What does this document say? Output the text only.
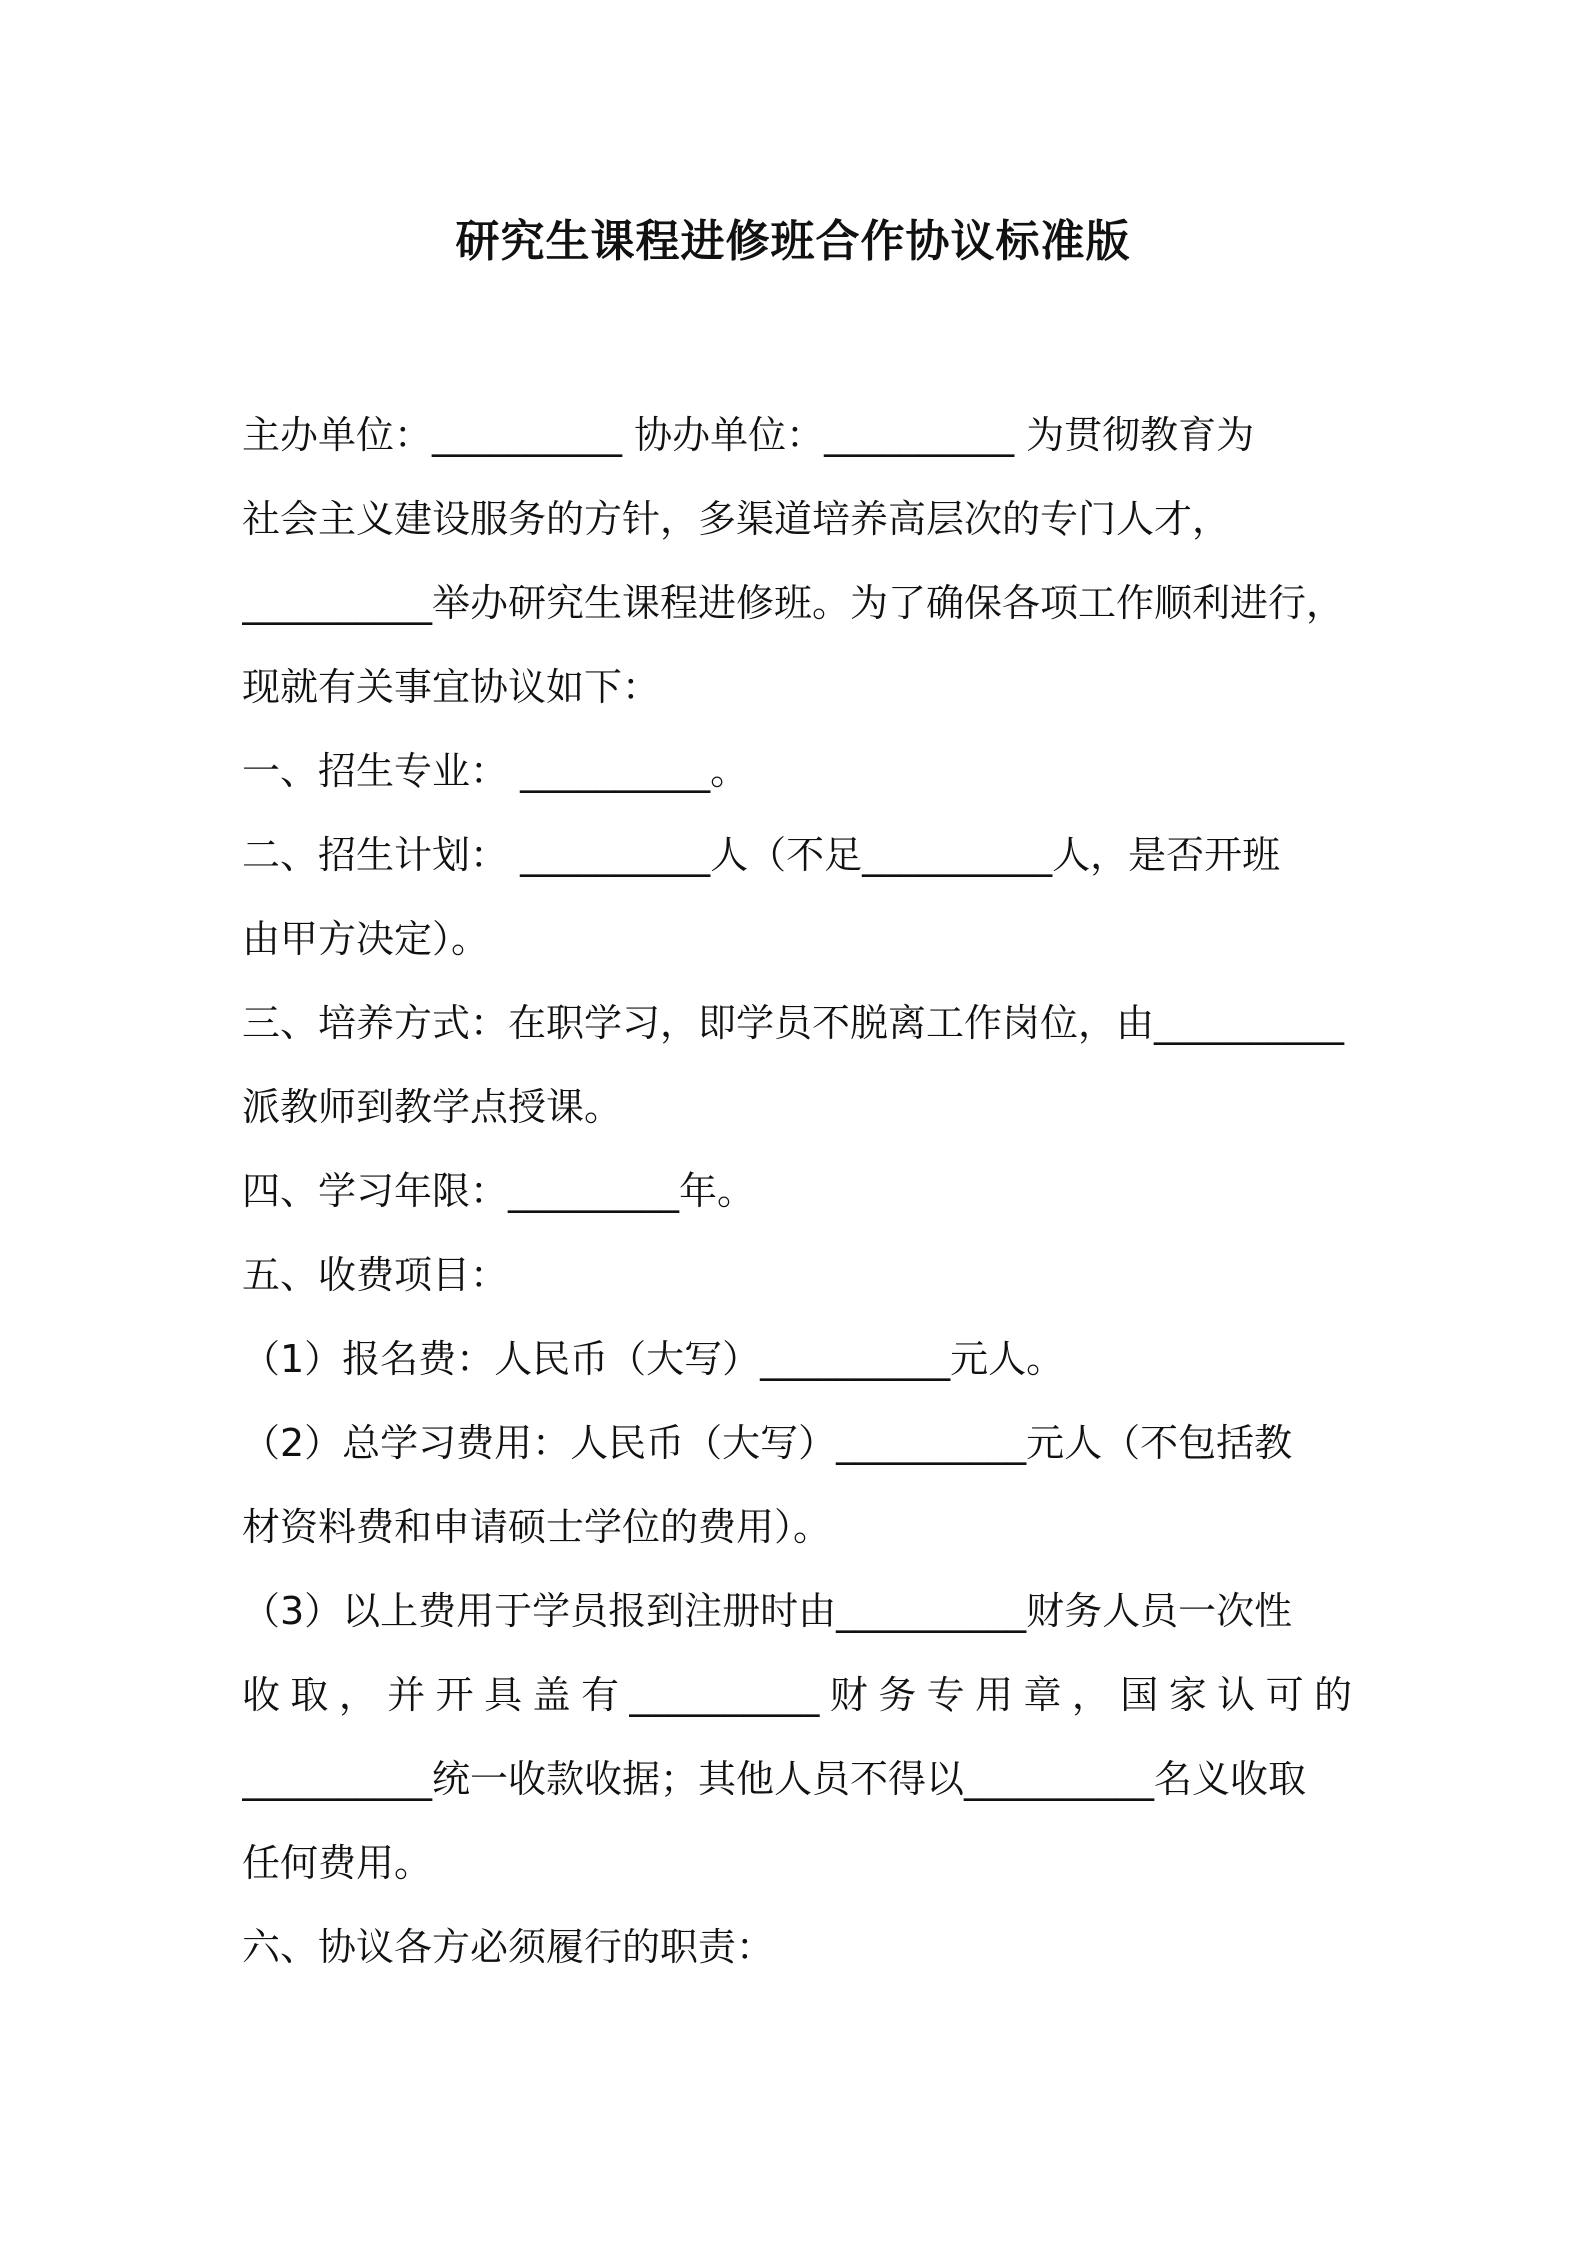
研究生课程进修班合作协议标准版
主办单位：__________ 协办单位：__________ 为贯彻教育为
社会主义建设服务的方针，多渠道培养高层次的专门人才，
__________举办研究生课程进修班。为了确保各项工作顺利进行，
现就有关事宜协议如下：
一、招生专业： __________。
二、招生计划： __________人（不足__________人，是否开班
由甲方决定）。
三、培养方式：在职学习，即学员不脱离工作岗位，由__________
派教师到教学点授课。
四、学习年限：_________年。
五、收费项目：
（1）报名费：人民币（大写）__________元人。
（2）总学习费用：人民币（大写）__________元人（不包括教
材资料费和申请硕士学位的费用）。
（3）以上费用于学员报到注册时由__________财务人员一次性
收取，并开具盖有__________财务专用章，国家认可的
__________统一收款收据；其他人员不得以__________名义收取
任何费用。
六、协议各方必须履行的职责：
